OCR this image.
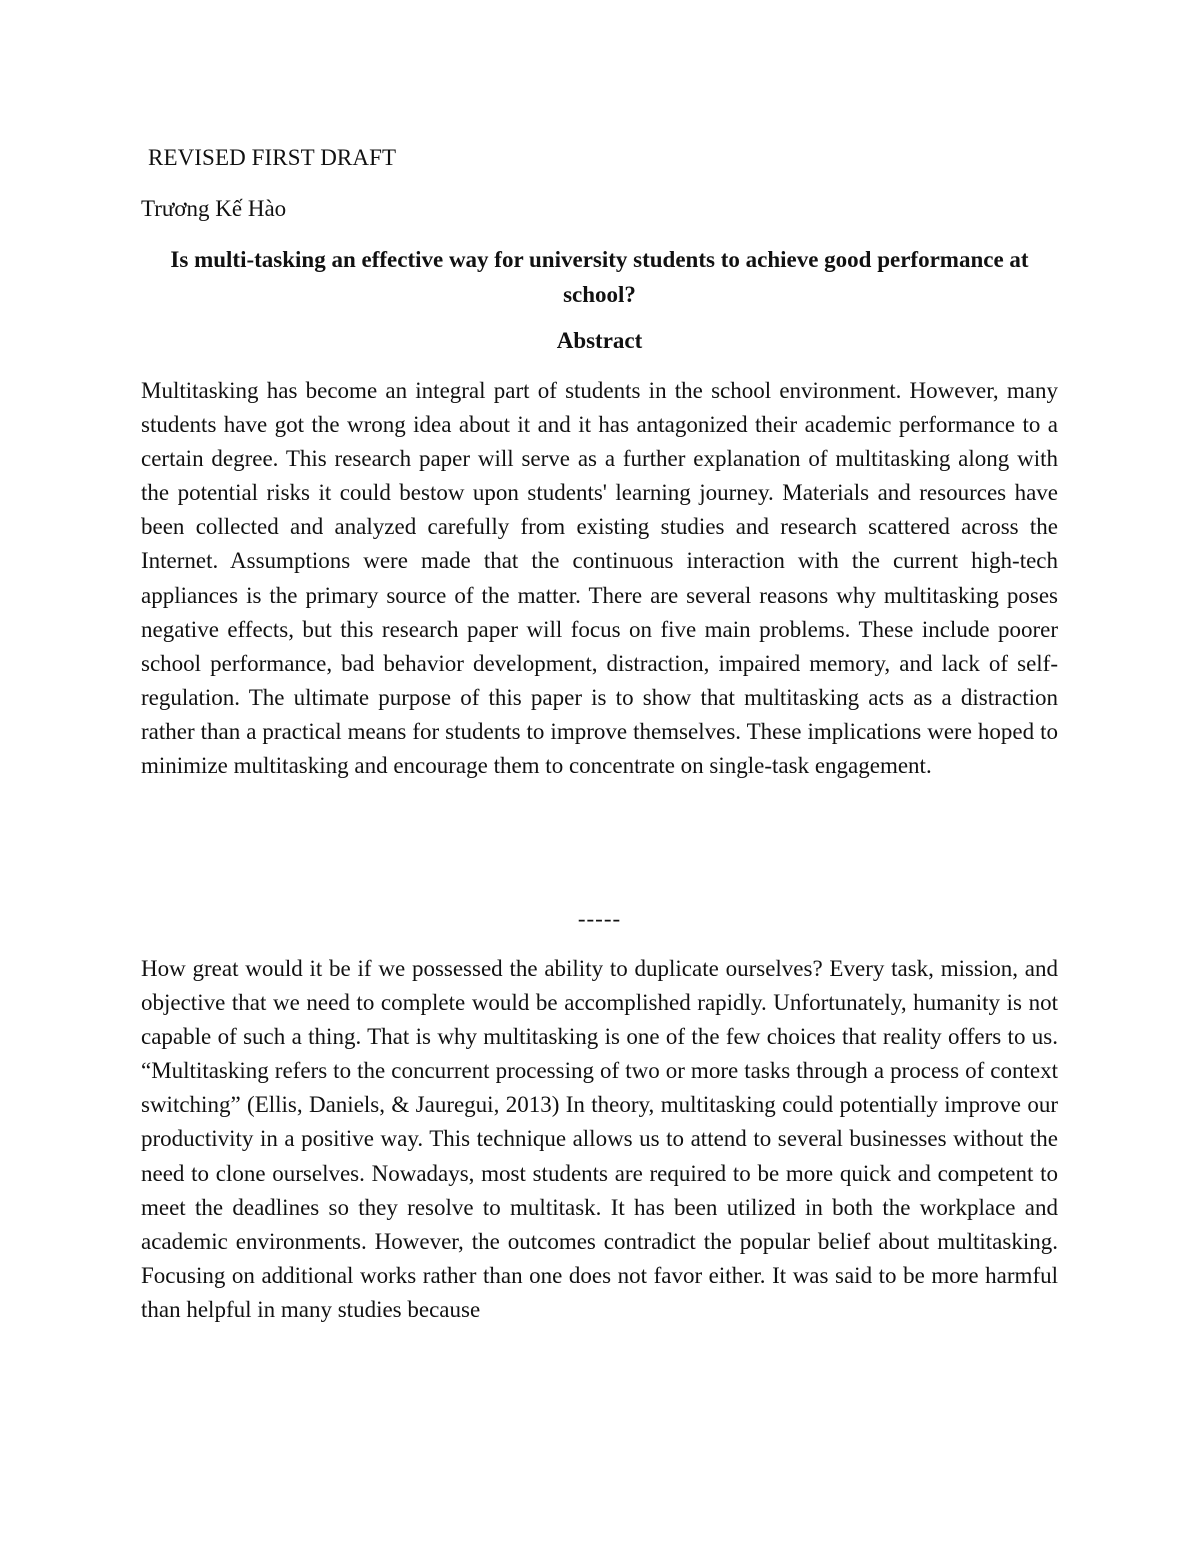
REVISED FIRST DRAFT
Trương Kế Hào
Is multi-tasking an effective way for university students to achieve good performance at school?
Abstract

Multitasking has become an integral part of students in the school environment. However, many students have got the wrong idea about it and it has antagonized their academic performance to a certain degree. This research paper will serve as a further explanation of multitasking along with the potential risks it could bestow upon students' learning journey. Materials and resources have been collected and analyzed carefully from existing studies and research scattered across the Internet. Assumptions were made that the continuous interaction with the current high-tech appliances is the primary source of the matter. There are several reasons why multitasking poses negative effects, but this research paper will focus on five main problems. These include poorer school performance, bad behavior development, distraction, impaired memory, and lack of self-regulation. The ultimate purpose of this paper is to show that multitasking acts as a distraction rather than a practical means for students to improve themselves. These implications were hoped to minimize multitasking and encourage them to concentrate on single-task engagement.

-----

How great would it be if we possessed the ability to duplicate ourselves? Every task, mission, and objective that we need to complete would be accomplished rapidly. Unfortunately, humanity is not capable of such a thing. That is why multitasking is one of the few choices that reality offers to us. “Multitasking refers to the concurrent processing of two or more tasks through a process of context switching” (Ellis, Daniels, & Jauregui, 2013) In theory, multitasking could potentially improve our productivity in a positive way. This technique allows us to attend to several businesses without the need to clone ourselves. Nowadays, most students are required to be more quick and competent to meet the deadlines so they resolve to multitask. It has been utilized in both the workplace and academic environments. However, the outcomes contradict the popular belief about multitasking. Focusing on additional works rather than one does not favor either. It was said to be more harmful than helpful in many studies because
